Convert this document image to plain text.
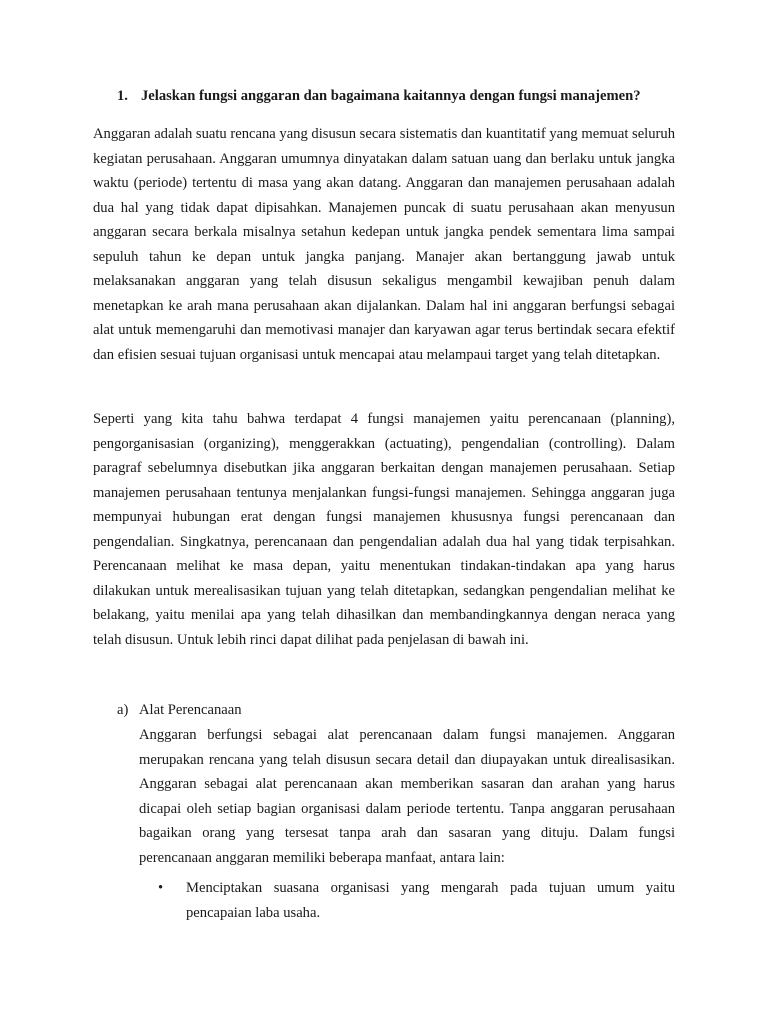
1. Jelaskan fungsi anggaran dan bagaimana kaitannya dengan fungsi manajemen?

Anggaran adalah suatu rencana yang disusun secara sistematis dan kuantitatif yang memuat seluruh kegiatan perusahaan. Anggaran umumnya dinyatakan dalam satuan uang dan berlaku untuk jangka waktu (periode) tertentu di masa yang akan datang. Anggaran dan manajemen perusahaan adalah dua hal yang tidak dapat dipisahkan. Manajemen puncak di suatu perusahaan akan menyusun anggaran secara berkala misalnya setahun kedepan untuk jangka pendek sementara lima sampai sepuluh tahun ke depan untuk jangka panjang. Manajer akan bertanggung jawab untuk melaksanakan anggaran yang telah disusun sekaligus mengambil kewajiban penuh dalam menetapkan ke arah mana perusahaan akan dijalankan. Dalam hal ini anggaran berfungsi sebagai alat untuk memengaruhi dan memotivasi manajer dan karyawan agar terus bertindak secara efektif dan efisien sesuai tujuan organisasi untuk mencapai atau melampaui target yang telah ditetapkan.

Seperti yang kita tahu bahwa terdapat 4 fungsi manajemen yaitu perencanaan (planning), pengorganisasian (organizing), menggerakkan (actuating), pengendalian (controlling). Dalam paragraf sebelumnya disebutkan jika anggaran berkaitan dengan manajemen perusahaan. Setiap manajemen perusahaan tentunya menjalankan fungsi-fungsi manajemen. Sehingga anggaran juga mempunyai hubungan erat dengan fungsi manajemen khususnya fungsi perencanaan dan pengendalian. Singkatnya, perencanaan dan pengendalian adalah dua hal yang tidak terpisahkan. Perencanaan melihat ke masa depan, yaitu menentukan tindakan-tindakan apa yang harus dilakukan untuk merealisasikan tujuan yang telah ditetapkan, sedangkan pengendalian melihat ke belakang, yaitu menilai apa yang telah dihasilkan dan membandingkannya dengan neraca yang telah disusun. Untuk lebih rinci dapat dilihat pada penjelasan di bawah ini.

a) Alat Perencanaan

Anggaran berfungsi sebagai alat perencanaan dalam fungsi manajemen. Anggaran merupakan rencana yang telah disusun secara detail dan diupayakan untuk direalisasikan. Anggaran sebagai alat perencanaan akan memberikan sasaran dan arahan yang harus dicapai oleh setiap bagian organisasi dalam periode tertentu. Tanpa anggaran perusahaan bagaikan orang yang tersesat tanpa arah dan sasaran yang dituju. Dalam fungsi perencanaan anggaran memiliki beberapa manfaat, antara lain:

•	Menciptakan suasana organisasi yang mengarah pada tujuan umum yaitu pencapaian laba usaha.
